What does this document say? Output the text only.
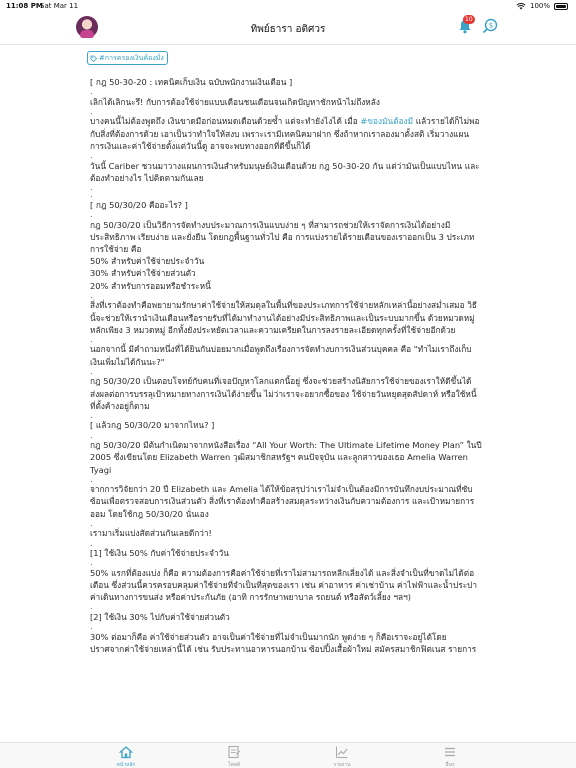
11:08 PM
Sat Mar 11	100%
ทิพย์ธารา อติศวร
10
$
#การครองเงินค้องมั่ง

[ กฎ 50-30-20 : เทคนิคเก็บเงิน ฉบับพนักงานเงินเดือน ]

.

เลิกได้เลิกนะรึ! กับการต้องใช้จ่ายแบบเดือนชนเดือนจนเกิดปัญหาชักหน้าไม่ถึงหลัง

.

บางคนนี้ไม่ต้องพูดถึง เงินขาดมือก่อนหมดเดือนด้วยซ้ำ แต่จะทำยังไงได้ เมื่อ #ของมันต้องมี แล้วรายได้ก็ไม่พอ

กับสิ่งที่ต้องการด้วย เอาเป็นว่าทำใจให้สงบ เพราะเรามีเทคนิคมาฝาก ซึ่งถ้าหากเราลองมาตั้งสติ เริ่มวางแผน

การเงินและค่าใช้จ่ายตั้งแต่วันนี้ดู อาจจะพบทางออกที่ดีขึ้นก็ได้

.

วันนี้ Cariber ชวนมาวางแผนการเงินสำหรับมนุษย์เงินเดือนด้วย กฎ 50-30-20 กัน แต่ว่ามันเป็นแบบไหน และ

ต้องทำอย่างไร ไปติดตามกันเลย

.

.

[ กฎ 50/30/20 คืออะไร? ]

.

กฎ 50/30/20 เป็นวิธีการจัดทำงบประมาณการเงินแบบง่าย ๆ ที่สามารถช่วยให้เราจัดการเงินได้อย่างมี

ประสิทธิภาพ เรียบง่าย และยั่งยืน โดยกฎพื้นฐานทั่วไป คือ การแบ่งรายได้รายเดือนของเราออกเป็น 3 ประเภท

การใช้จ่าย คือ

50% สำหรับค่าใช้จ่ายประจำวัน

30% สำหรับค่าใช้จ่ายส่วนตัว

20% สำหรับการออมหรือชำระหนี้

.

สิ่งที่เราต้องทำคือพยายามรักษาค่าใช้จ่ายให้สมดุลในพื้นที่ของประเภทการใช้จ่ายหลักเหล่านี้อย่างสม่ำเสมอ วิธี

นี้จะช่วยให้เรานำเงินเดือนหรือรายรับที่ได้มาทำงานได้อย่างมีประสิทธิภาพและเป็นระบบมากขึ้น ด้วยหมวดหมู่

หลักเพียง 3 หมวดหมู่ อีกทั้งยังประหยัดเวลาและความเครียดในการลงรายละเอียดทุกครั้งที่ใช้จ่ายอีกด้วย

.

นอกจากนี้ มีคำถามหนึ่งที่ได้ยินกันบ่อยมากเมื่อพูดถึงเรื่องการจัดทำงบการเงินส่วนบุคคล คือ "ทำไมเราถึงเก็บ

เงินเพิ่มไม่ได้กันนะ?"

.

กฎ 50/30/20 เป็นตอบโจทย์กับคนที่เจอปัญหาโลกแตกนี้อยู่ ซึ่งจะช่วยสร้างนิสัยการใช้จ่ายของเราให้ดีขึ้นได้

ส่งผลต่อการบรรลุเป้าหมายทางการเงินได้ง่ายขึ้น ไม่ว่าเราจะอยากซื้อของ ใช้จ่ายวันหยุดสุดสัปดาห์ หรือใช้หนี้

ที่ตั้งค้างอยู่ก็ตาม

.

[ แล้วกฎ 50/30/20 มาจากไหน? ]

.

กฎ 50/30/20 มีต้นกำเนิดมาจากหนังสือเรื่อง “All Your Worth: The Ultimate Lifetime Money Plan” ในปี

2005 ซึ่งเขียนโดย Elizabeth Warren วุฒิสมาชิกสหรัฐฯ คนปัจจุบัน และลูกสาวของเธอ Amelia Warren

Tyagi

.

จากการวิจัยกว่า 20 ปี Elizabeth และ Amelia ได้ให้ข้อสรุปว่าเราไม่จำเป็นต้องมีการบันทึกงบประมาณที่ซับ

ซ้อนเพื่อตรวจสอบการเงินส่วนตัว สิ่งที่เราต้องทำคือสร้างสมดุลระหว่างเงินกับความต้องการ และเป้าหมายการ

ออม โดยใช้กฎ 50/30/20 นั่นเอง

.

เรามาเริ่มแบ่งสัดส่วนกันเลยดีกว่า!

.

[1] ใช้เงิน 50% กับค่าใช้จ่ายประจำวัน

.

50% แรกที่ต้องแบ่ง ก็คือ ความต้องการคือค่าใช้จ่ายที่เราไม่สามารถหลีกเลี่ยงได้ และสิ่งจำเป็นที่ขาดไม่ได้ต่อ

เดือน ซึ่งส่วนนี้ควรครอบคลุมค่าใช้จ่ายที่จำเป็นที่สุดของเรา เช่น ค่าอาหาร ค่าเช่าบ้าน ค่าไฟฟ้าและน้ำประปา

ค่าเดินทางการขนส่ง หรือค่าประกันภัย (อาทิ การรักษาพยาบาล รถยนต์ หรือสัตว์เลี้ยง ฯลฯ)

.

[2] ใช้เงิน 30% ไปกับค่าใช้จ่ายส่วนตัว

.

30% ต่อมาก็คือ ค่าใช้จ่ายส่วนตัว อาจเป็นค่าใช้จ่ายที่ไม่จำเป็นมากนัก พูดง่าย ๆ ก็คือเราจะอยู่ได้โดย

ปราศจากค่าใช้จ่ายเหล่านี้ได้ เช่น รับประทานอาหารนอกบ้าน ซ้อปปิ้งเสื้อผ้าใหม่ สมัครสมาชิกฟิตเนส รายการ

หน้าหลัก	โพสต์	รายงาน	อื่นๆ
